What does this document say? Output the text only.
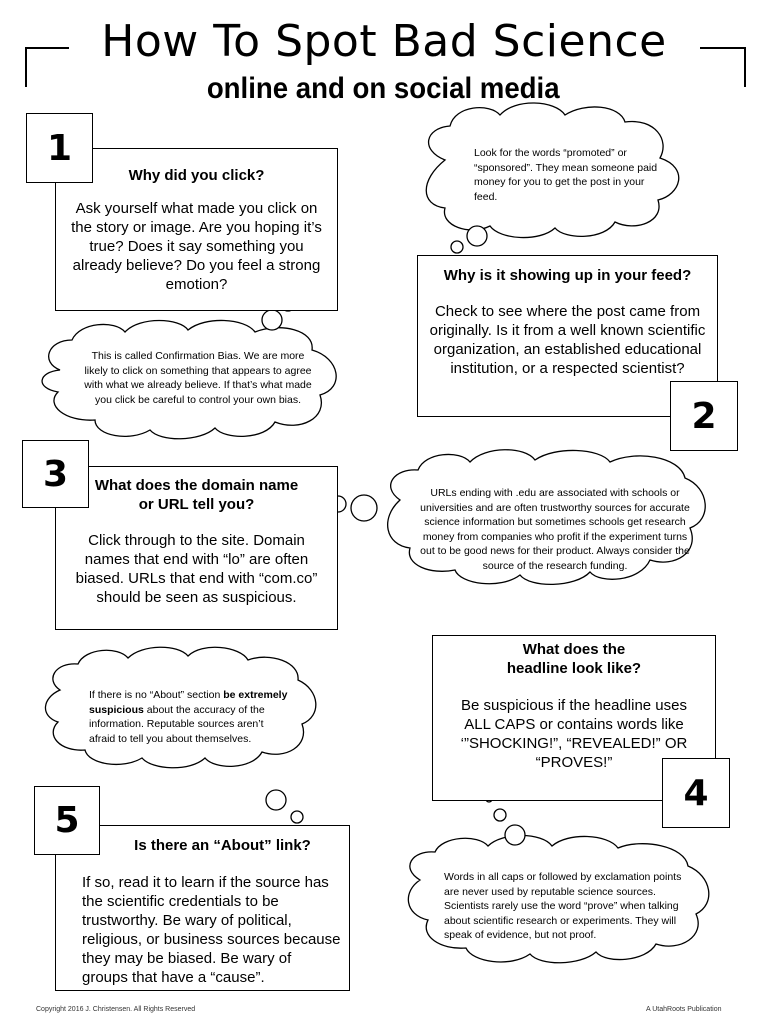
How To Spot Bad Science
online and on social media
Why did you click?
Ask yourself what made you click on the story or image. Are you hoping it’s true? Does it say something you already believe? Do you feel a strong emotion?
1
Why is it showing up in your feed?
Check to see where the post came from originally. Is it from a well known scientific organization, an established educational institution, or a respected scientist?
2
What does the domain name or URL tell you?
Click through to the site. Domain names that end with “lo” are often biased. URLs that end with “com.co” should be seen as suspicious.
3
What does the headline look like?
Be suspicious if the headline uses ALL CAPS or contains words like ‘”SHOCKING!”, “REVEALED!” OR “PROVES!”
4
Is there an “About” link?
If so, read it to learn if the source has the scientific credentials to be trustworthy. Be wary of political, religious, or business sources because they may be biased. Be wary of groups that have a “cause”.
5
Look for the words “promoted” or “sponsored”. They mean someone paid money for you to get the post in your feed.
This is called Confirmation Bias. We are more likely to click on something that appears to agree with what we already believe. If that’s what made you click be careful to control your own bias.
URLs ending with .edu are associated with schools or universities and are often trustworthy sources for accurate science information but sometimes schools get research money from companies who profit if the experiment turns out to be good news for their product. Always consider the source of the research funding.
If there is no “About” section be extremely suspicious about the accuracy of the information. Reputable sources aren’t afraid to tell you about themselves.
Words in all caps or followed by exclamation points are never used by reputable science sources. Scientists rarely use the word “prove” when talking about scientific research or experiments. They will speak of evidence, but not proof.
Copyright 2016 J. Christensen. All Rights Reserved	A UtahRoots Publication
